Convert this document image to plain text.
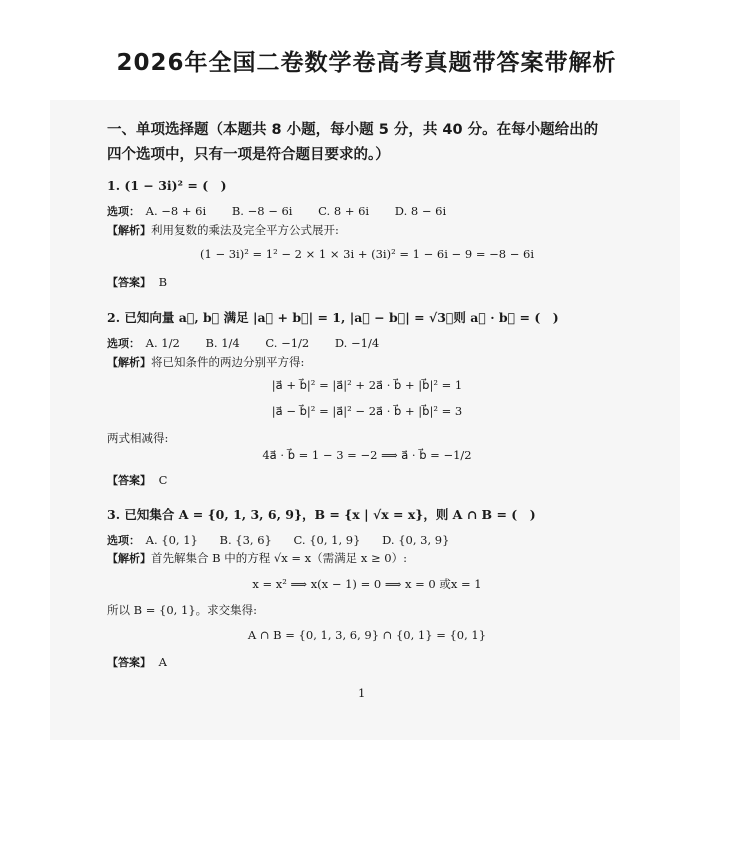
2026年全国二卷数学卷高考真题带答案带解析
一、单项选择题（本题共 8 小题，每小题 5 分，共 40 分。在每小题给出的
四个选项中，只有一项是符合题目要求的。）
1. (1 − 3i)² = (　)
选项： A. −8 + 6i B. −8 − 6i C. 8 + 6i D. 8 − 6i
【解析】利用复数的乘法及完全平方公式展开:
(1 − 3i)² = 1² − 2 × 1 × 3i + (3i)² = 1 − 6i − 9 = −8 − 6i
【答案】 B
2. 已知向量 a⃗, b⃗ 满足 |a⃗ + b⃗| = 1, |a⃗ − b⃗| = √3，则 a⃗ · b⃗ = (　)
选项： A. 1/2 B. 1/4 C. −1/2 D. −1/4
【解析】将已知条件的两边分别平方得:
|a⃗ + b⃗|² = |a⃗|² + 2a⃗ · b⃗ + |b⃗|² = 1
|a⃗ − b⃗|² = |a⃗|² − 2a⃗ · b⃗ + |b⃗|² = 3
两式相减得:
4a⃗ · b⃗ = 1 − 3 = −2 ⟹ a⃗ · b⃗ = −1/2
【答案】 C
3. 已知集合 A = {0, 1, 3, 6, 9}，B = {x | √x = x}，则 A ∩ B = (　)
选项： A. {0, 1} B. {3, 6} C. {0, 1, 9} D. {0, 3, 9}
【解析】首先解集合 B 中的方程 √x = x（需满足 x ≥ 0）:
x = x² ⟹ x(x − 1) = 0 ⟹ x = 0 或x = 1
所以 B = {0, 1}。求交集得:
A ∩ B = {0, 1, 3, 6, 9} ∩ {0, 1} = {0, 1}
【答案】 A
1
